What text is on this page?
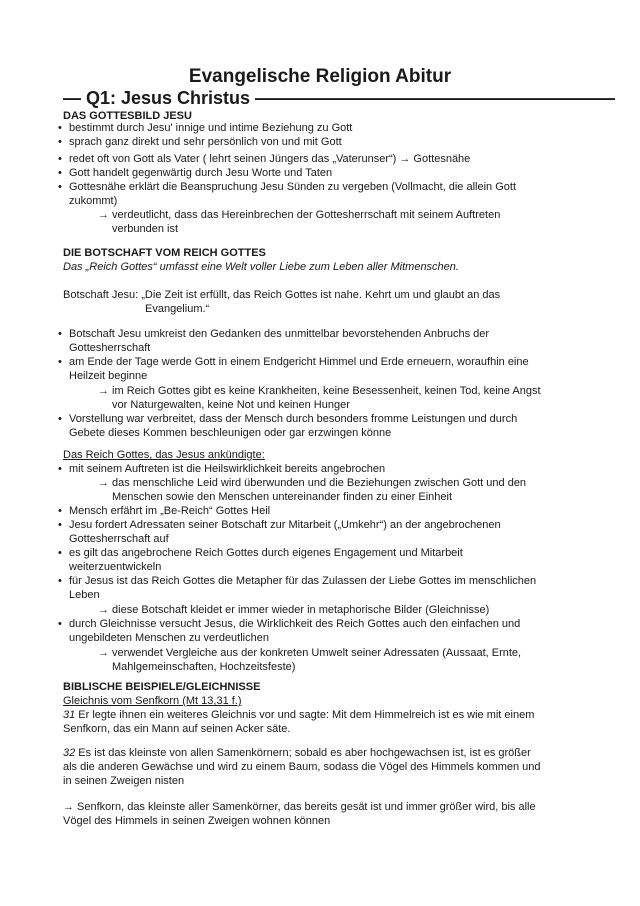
Evangelische Religion Abitur
— Q1: Jesus Christus ————————————————————
DAS GOTTESBILD JESU
• bestimmt durch Jesu' innige und intime Beziehung zu Gott
• sprach ganz direkt und sehr persönlich von und mit Gott
• redet oft von Gott als Vater ( lehrt seinen Jüngers das „Vaterunser“) → Gottesnähe
• Gott handelt gegenwärtig durch Jesu Worte und Taten
• Gottesnähe erklärt die Beanspruchung Jesu Sünden zu vergeben (Vollmacht, die allein Gott
zukommt)
→ verdeutlicht, dass das Hereinbrechen der Gottesherrschaft mit seinem Auftreten
verbunden ist
DIE BOTSCHAFT VOM REICH GOTTES
Das „Reich Gottes“ umfasst eine Welt voller Liebe zum Leben aller Mitmenschen.
Botschaft Jesu: „Die Zeit ist erfüllt, das Reich Gottes ist nahe. Kehrt um und glaubt an das
Evangelium.“
• Botschaft Jesu umkreist den Gedanken des unmittelbar bevorstehenden Anbruchs der
Gottesherrschaft
• am Ende der Tage werde Gott in einem Endgericht Himmel und Erde erneuern, woraufhin eine
Heilzeit beginne
→ im Reich Gottes gibt es keine Krankheiten, keine Besessenheit, keinen Tod, keine Angst
vor Naturgewalten, keine Not und keinen Hunger
• Vorstellung war verbreitet, dass der Mensch durch besonders fromme Leistungen und durch
Gebete dieses Kommen beschleunigen oder gar erzwingen könne
Das Reich Gottes, das Jesus ankündigte:
• mit seinem Auftreten ist die Heilswirklichkeit bereits angebrochen
→ das menschliche Leid wird überwunden und die Beziehungen zwischen Gott und den
Menschen sowie den Menschen untereinander finden zu einer Einheit
• Mensch erfährt im „Be-Reich“ Gottes Heil
• Jesu fordert Adressaten seiner Botschaft zur Mitarbeit („Umkehr“) an der angebrochenen
Gottesherrschaft auf
• es gilt das angebrochene Reich Gottes durch eigenes Engagement und Mitarbeit
weiterzuentwickeln
• für Jesus ist das Reich Gottes die Metapher für das Zulassen der Liebe Gottes im menschlichen
Leben
→ diese Botschaft kleidet er immer wieder in metaphorische Bilder (Gleichnisse)
• durch Gleichnisse versucht Jesus, die Wirklichkeit des Reich Gottes auch den einfachen und
ungebildeten Menschen zu verdeutlichen
→ verwendet Vergleiche aus der konkreten Umwelt seiner Adressaten (Aussaat, Ernte,
Mahlgemeinschaften, Hochzeitsfeste)
BIBLISCHE BEISPIELE/GLEICHNISSE
Gleichnis vom Senfkorn (Mt 13,31 f.)
31 Er legte ihnen ein weiteres Gleichnis vor und sagte: Mit dem Himmelreich ist es wie mit einem
Senfkorn, das ein Mann auf seinen Acker säte.
32 Es ist das kleinste von allen Samenkörnern; sobald es aber hochgewachsen ist, ist es größer
als die anderen Gewächse und wird zu einem Baum, sodass die Vögel des Himmels kommen und
in seinen Zweigen nisten
→ Senfkorn, das kleinste aller Samenkörner, das bereits gesät ist und immer größer wird, bis alle
Vögel des Himmels in seinen Zweigen wohnen können
